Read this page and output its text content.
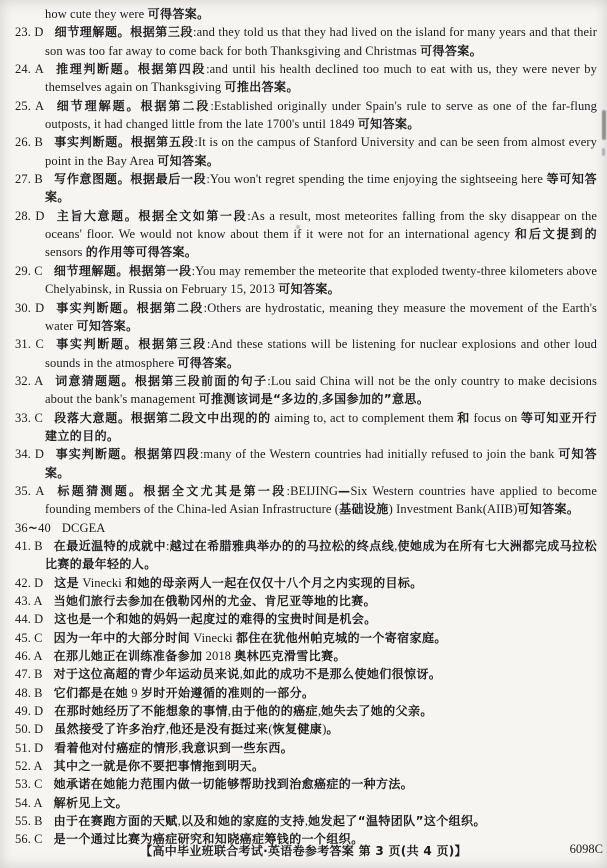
how cute they were 可得答案。
23. D 细节理解题。根据第三段:and they told us that they had lived on the island for many years and that their son was too far away to come back for both Thanksgiving and Christmas 可得答案。
24. A 推理判断题。根据第四段:and until his health declined too much to eat with us, they were never by themselves again on Thanksgiving 可推出答案。
25. A 细节理解题。根据第二段:Established originally under Spain's rule to serve as one of the far-flung outposts, it had changed little from the late 1700's until 1849 可知答案。
26. B 事实判断题。根据第五段:It is on the campus of Stanford University and can be seen from almost every point in the Bay Area 可知答案。
27. B 写作意图题。根据最后一段:You won't regret spending the time enjoying the sightseeing here 等可知答案。
28. D 主旨大意题。根据全文如第一段:As a result, most meteorites falling from the sky disappear on the oceans' floor. We would not know about them if it were not for an international agency 和后文提到的 sensors 的作用等可得答案。
29. C 细节理解题。根据第一段:You may remember the meteorite that exploded twenty-three kilometers above Chelyabinsk, in Russia on February 15, 2013 可知答案。
30. D 事实判断题。根据第二段:Others are hydrostatic, meaning they measure the movement of the Earth's water 可知答案。
31. C 事实判断题。根据第三段:And these stations will be listening for nuclear explosions and other loud sounds in the atmosphere 可得答案。
32. A 词意猜题题。根据第三段前面的句子:Lou said China will not be the only country to make decisions about the bank's management 可推测该词是“多边的,多国参加的”意思。
33. C 段落大意题。根据第二段文中出现的的 aiming to, act to complement them 和 focus on 等可知亚开行建立的目的。
34. D 事实判断题。根据第四段:many of the Western countries had initially refused to join the bank 可知答案。
35. A 标题猜测题。根据全文尤其是第一段:BEIJING—Six Western countries have applied to become founding members of the China-led Asian Infrastructure (基础设施) Investment Bank(AIIB)可知答案。
36~40 DCGEA
41. B 在最近温特的成就中:越过在希腊雅典举办的的马拉松的终点线,使她成为在所有七大洲都完成马拉松比赛的最年轻的人。
42. D 这是 Vinecki 和她的母亲两人一起在仅仅十八个月之内实现的目标。
43. A 当她们旅行去参加在俄勒冈州的尤金、肯尼亚等地的比赛。
44. D 这也是一个和她的妈妈一起度过的难得的宝贵时间是机会。
45. C 因为一年中的大部分时间 Vinecki 都住在犹他州帕克城的一个寄宿家庭。
46. A 在那儿她正在训练准备参加 2018 奥林匹克滑雪比赛。
47. B 对于这位高超的青少年运动员来说,如此的成功不是那么使她们很惊讶。
48. B 它们都是在她 9 岁时开始遵循的准则的一部分。
49. D 在那时她经历了不能想象的事情,由于他的的癌症,她失去了她的父亲。
50. D 虽然接受了许多治疗,他还是没有挺过来(恢复健康)。
51. D 看着他对付癌症的情形,我意识到一些东西。
52. A 其中之一就是你不要把事情拖到明天。
53. C 她承诺在她能力范围内做一切能够帮助找到治愈癌症的一种方法。
54. A 解析见上文。
55. B 由于在赛跑方面的天赋,以及和她的家庭的支持,她发起了“温特团队”这个组织。
56. C 是一个通过比赛为癌症研究和知晓癌症筹钱的一个组织。
【高中毕业班联合考试·英语卷参考答案 第 3 页(共 4 页)】	6098C
